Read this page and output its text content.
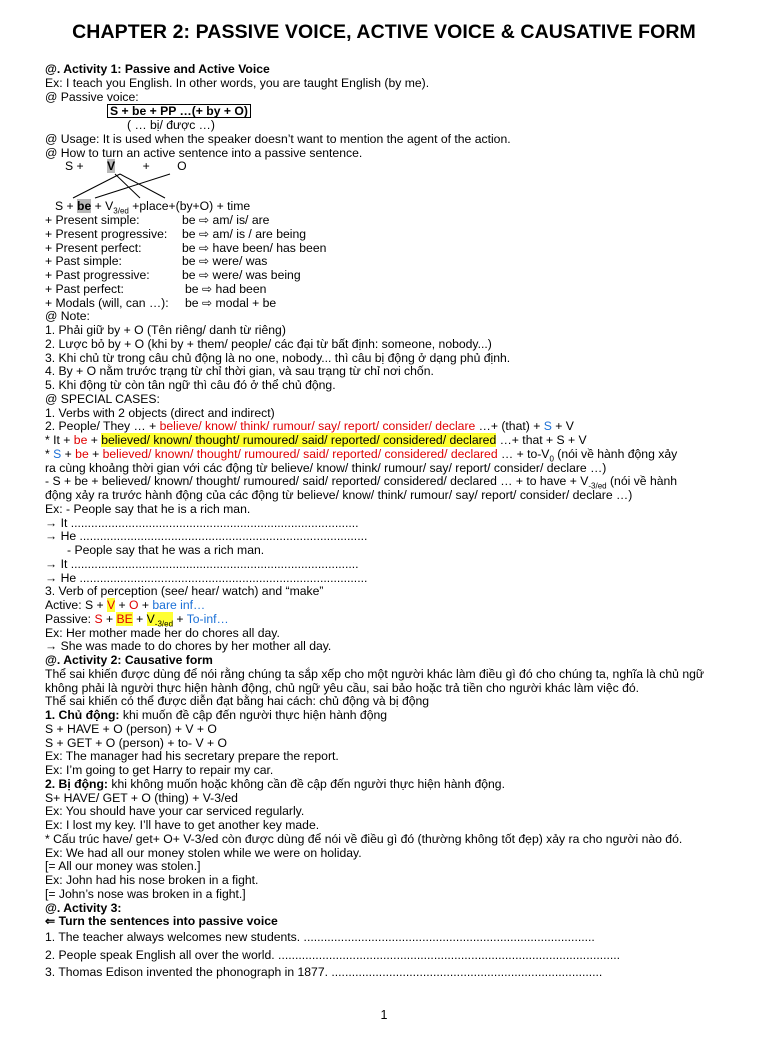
CHAPTER 2: PASSIVE VOICE, ACTIVE VOICE & CAUSATIVE FORM
@. Activity 1: Passive and Active Voice
Ex: I teach you English. In other words, you are taught English (by me).
@ Passive voice:
S + be + PP …(+ by + O)
( … bị/ được …)
@ Usage: It is used when the speaker doesn’t want to mention the agent of the action.
@ How to turn an active sentence into a passive sentence.
S + V + O
S + be + $V_{3/ed}$ +place+(by+O) + time
+ Present simple:	be ⇨ am/ is/ are
+ Present progressive: be ⇨ am/ is / are being
+ Present perfect:	be ⇨ have been/ has been
+ Past simple:	be ⇨ were/ was
+ Past progressive:	be ⇨ were/ was being
+ Past perfect:	be ⇨ had been
+ Modals (will, can …): be ⇨ modal + be
@ Note:
1. Phải giữ by + O (Tên riêng/ danh từ riêng)
2. Lược bỏ by + O (khi by + them/ people/ các đại từ bất định: someone, nobody...)
3. Khi chủ từ trong câu chủ động là no one, nobody... thì câu bị động ở dạng phủ định.
4. By + O nằm trước trạng từ chỉ thời gian, và sau trạng từ chỉ nơi chốn.
5. Khi động từ còn tân ngữ thì câu đó ở thể chủ động.
@ SPECIAL CASES:
1. Verbs with 2 objects (direct and indirect)
2. People/ They … + believe/ know/ think/ rumour/ say/ report/ consider/ declare …+ (that) + S + V
* It + be + believed/ known/ thought/ rumoured/ said/ reported/ considered/ declared …+ that + S + V
* S + be + believed/ known/ thought/ rumoured/ said/ reported/ considered/ declared … + $to-V_0$ (nói về hành động xảy
ra cùng khoảng thời gian với các động từ believe/ know/ think/ rumour/ say/ report/ consider/ declare …)
- S + be + believed/ known/ thought/ rumoured/ said/ reported/ considered/ declared … + to have + $V_{-3/ed}$ (nói về hành
động xảy ra trước hành động của các động từ believe/ know/ think/ rumour/ say/ report/ consider/ declare …)
Ex: - People say that he is a rich man.
→ It .....................................................................................
→ He .....................................................................................
- People say that he was a rich man.
→ It .....................................................................................
→ He .....................................................................................
3. Verb of perception (see/ hear/ watch) and “make”
Active: S + V + O + bare inf…
Passive: S + BE + $V_{-3/ed}$ + To-inf…
Ex: Her mother made her do chores all day.
→ She was made to do chores by her mother all day.
@. Activity 2: Causative form
Thể sai khiến được dùng để nói rằng chúng ta sắp xếp cho một người khác làm điều gì đó cho chúng ta, nghĩa là chủ ngữ không phải là người thực hiện hành động, chủ ngữ yêu cầu, sai bảo hoặc trả tiền cho người khác làm việc đó.
Thể sai khiến có thể được diễn đạt bằng hai cách: chủ động và bị động
1. Chủ động: khi muốn đề cập đến người thực hiện hành động
S + HAVE + O (person) + V + O
S + GET + O (person) + to- V + O
Ex: The manager had his secretary prepare the report.
Ex: I’m going to get Harry to repair my car.
2. Bị động: khi không muốn hoặc không cần đề cập đến người thực hiện hành động.
S+ HAVE/ GET + O (thing) + V-3/ed
Ex: You should have your car serviced regularly.
Ex: I lost my key. I’ll have to get another key made.
* Cấu trúc have/ get+ O+ V-3/ed còn được dùng để nói về điều gì đó (thường không tốt đẹp) xảy ra cho người nào đó.
Ex: We had all our money stolen while we were on holiday.
[= All our money was stolen.]
Ex: John had his nose broken in a fight.
[= John’s nose was broken in a fight.]
@. Activity 3:
⇐ Turn the sentences into passive voice
1. The teacher always welcomes new students. ......................................................................................
2. People speak English all over the world. .....................................................................................................
3. Thomas Edison invented the phonograph in 1877. ................................................................................
1
